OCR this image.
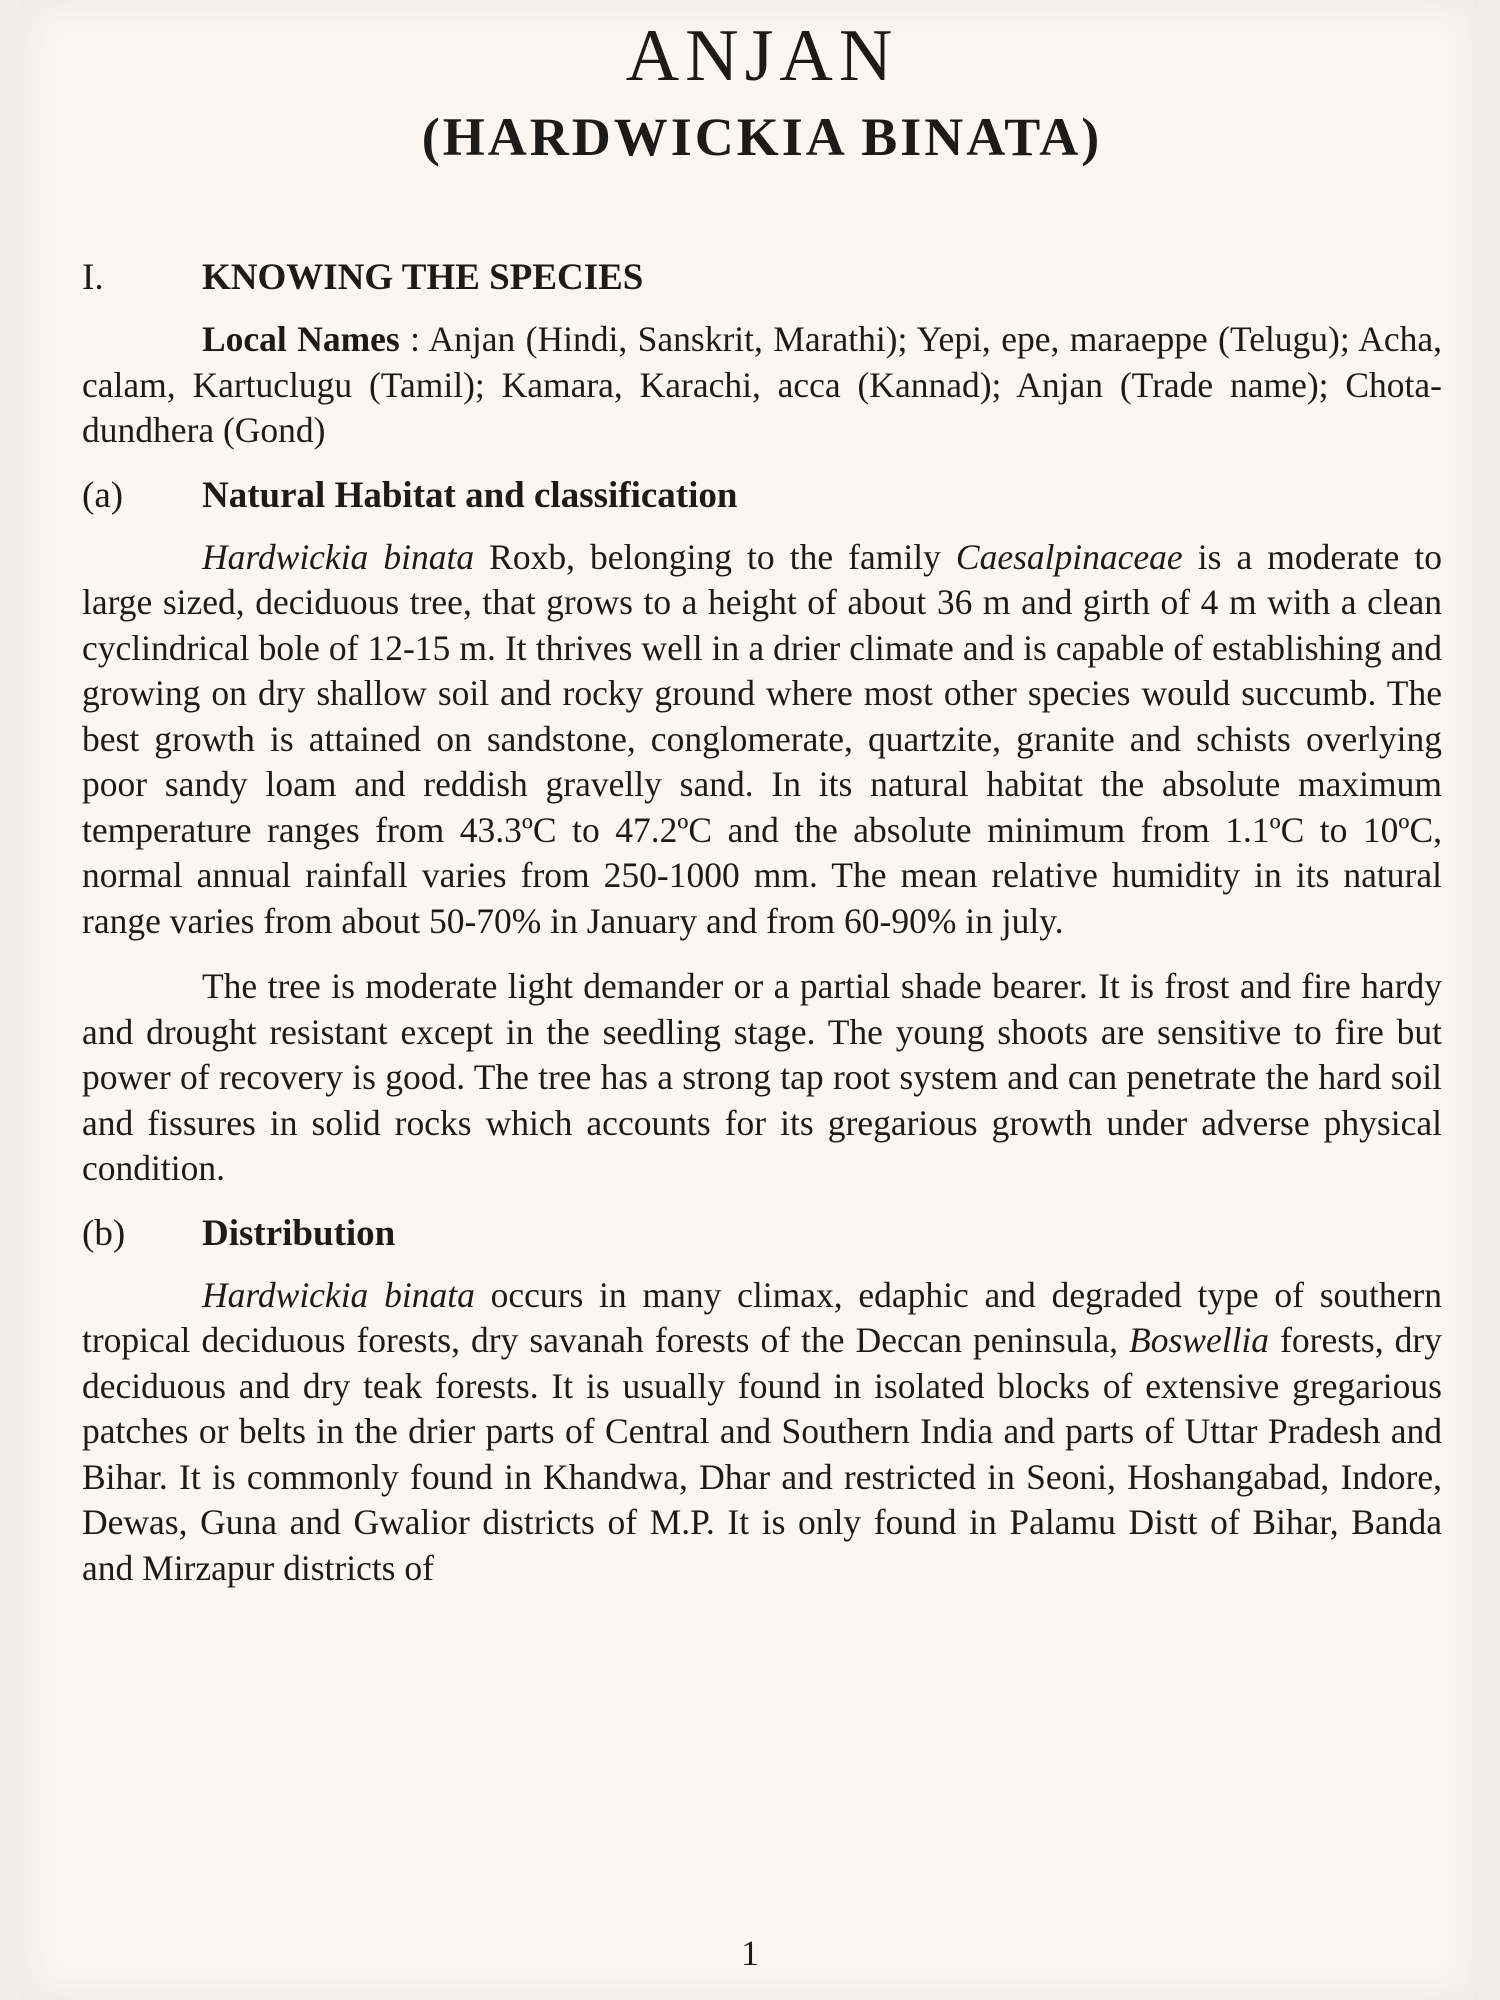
ANJAN
(HARDWICKIA BINATA)
I.	KNOWING THE SPECIES

Local Names : Anjan (Hindi, Sanskrit, Marathi); Yepi, epe, maraeppe (Telugu); Acha, calam, Kartuclugu (Tamil); Kamara, Karachi, acca (Kannad); Anjan (Trade name); Chota-dundhera (Gond)

(a)	Natural Habitat and classification

Hardwickia binata Roxb, belonging to the family Caesalpinaceae is a moderate to large sized, deciduous tree, that grows to a height of about 36 m and girth of 4 m with a clean cyclindrical bole of 12-15 m. It thrives well in a drier climate and is capable of establishing and growing on dry shallow soil and rocky ground where most other species would succumb. The best growth is attained on sandstone, conglomerate, quartzite, granite and schists overlying poor sandy loam and reddish gravelly sand. In its natural habitat the absolute maximum temperature ranges from 43.3ºC to 47.2ºC and the absolute minimum from 1.1ºC to 10ºC, normal annual rainfall varies from 250-1000 mm. The mean relative humidity in its natural range varies from about 50-70% in January and from 60-90% in july.

The tree is moderate light demander or a partial shade bearer. It is frost and fire hardy and drought resistant except in the seedling stage. The young shoots are sensitive to fire but power of recovery is good. The tree has a strong tap root system and can penetrate the hard soil and fissures in solid rocks which accounts for its gregarious growth under adverse physical condition.

(b)	Distribution

Hardwickia binata occurs in many climax, edaphic and degraded type of southern tropical deciduous forests, dry savanah forests of the Deccan peninsula, Boswellia forests, dry deciduous and dry teak forests. It is usually found in isolated blocks of extensive gregarious patches or belts in the drier parts of Central and Southern India and parts of Uttar Pradesh and Bihar. It is commonly found in Khandwa, Dhar and restricted in Seoni, Hoshangabad, Indore, Dewas, Guna and Gwalior districts of M.P. It is only found in Palamu Distt of Bihar, Banda and Mirzapur districts of

1
